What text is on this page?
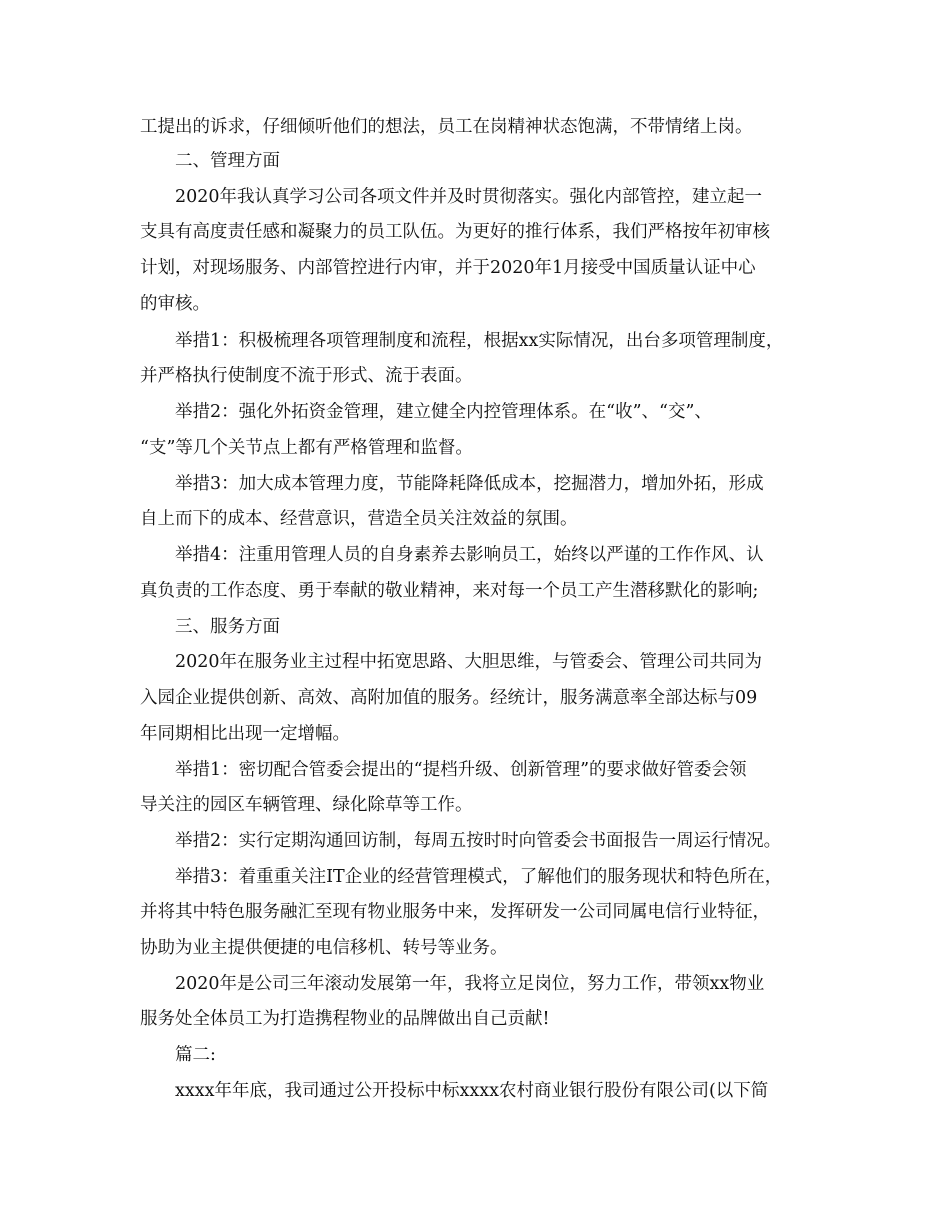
工提出的诉求，仔细倾听他们的想法，员工在岗精神状态饱满，不带情绪上岗。
二、管理方面
2020年我认真学习公司各项文件并及时贯彻落实。强化内部管控，建立起一
支具有高度责任感和凝聚力的员工队伍。为更好的推行体系，我们严格按年初审核
计划，对现场服务、内部管控进行内审，并于2020年1月接受中国质量认证中心
的审核。
举措1：积极梳理各项管理制度和流程，根据xx实际情况，出台多项管理制度，
并严格执行使制度不流于形式、流于表面。
举措2：强化外拓资金管理，建立健全内控管理体系。在“收”、“交”、
“支”等几个关节点上都有严格管理和监督。
举措3：加大成本管理力度，节能降耗降低成本，挖掘潜力，增加外拓，形成
自上而下的成本、经营意识，营造全员关注效益的氛围。
举措4：注重用管理人员的自身素养去影响员工，始终以严谨的工作作风、认
真负责的工作态度、勇于奉献的敬业精神，来对每一个员工产生潜移默化的影响;
三、服务方面
2020年在服务业主过程中拓宽思路、大胆思维，与管委会、管理公司共同为
入园企业提供创新、高效、高附加值的服务。经统计，服务满意率全部达标与09
年同期相比出现一定增幅。
举措1：密切配合管委会提出的“提档升级、创新管理”的要求做好管委会领
导关注的园区车辆管理、绿化除草等工作。
举措2：实行定期沟通回访制，每周五按时时向管委会书面报告一周运行情况。
举措3：着重重关注IT企业的经营管理模式，了解他们的服务现状和特色所在，
并将其中特色服务融汇至现有物业服务中来，发挥研发一公司同属电信行业特征，
协助为业主提供便捷的电信移机、转号等业务。
2020年是公司三年滚动发展第一年，我将立足岗位，努力工作，带领xx物业
服务处全体员工为打造携程物业的品牌做出自己贡献!
篇二:
xxxx年年底，我司通过公开投标中标xxxx农村商业银行股份有限公司(以下简
